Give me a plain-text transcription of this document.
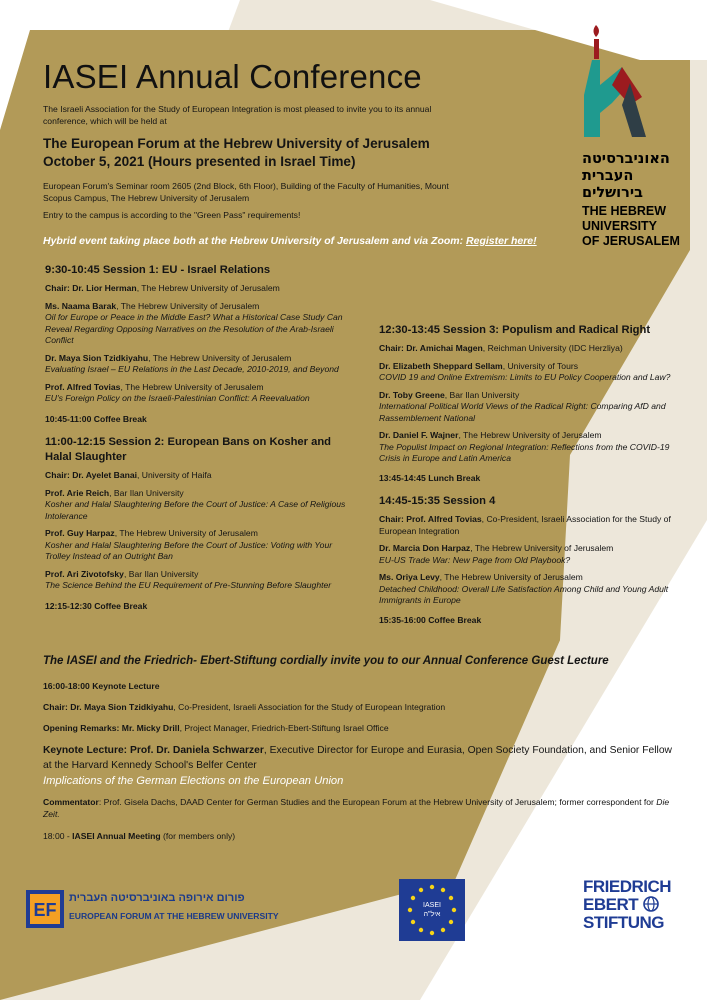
IASEI Annual Conference
The Israeli Association for the Study of European Integration is most pleased to invite you to its annual conference, which will be held at
The European Forum at the Hebrew University of Jerusalem
October 5, 2021 (Hours presented in Israel Time)
European Forum's Seminar room 2605 (2nd Block, 6th Floor), Building of the Faculty of Humanities, Mount Scopus Campus, The Hebrew University of Jerusalem
Entry to the campus is according to the "Green Pass" requirements!
Hybrid event taking place both at the Hebrew University of Jerusalem and via Zoom: Register here!
9:30-10:45 Session 1: EU - Israel Relations
Chair: Dr. Lior Herman, The Hebrew University of Jerusalem
Ms. Naama Barak, The Hebrew University of Jerusalem
Oil for Europe or Peace in the Middle East? What a Historical Case Study Can Reveal Regarding Opposing Narratives on the Resolution of the Arab-Israeli Conflict
Dr. Maya Sion Tzidkiyahu, The Hebrew University of Jerusalem
Evaluating Israel – EU Relations in the Last Decade, 2010-2019, and Beyond
Prof. Alfred Tovias, The Hebrew University of Jerusalem
EU's Foreign Policy on the Israeli-Palestinian Conflict: A Reevaluation
10:45-11:00 Coffee Break
11:00-12:15 Session 2: European Bans on Kosher and Halal Slaughter
Chair: Dr. Ayelet Banai, University of Haifa
Prof. Arie Reich, Bar Ilan University
Kosher and Halal Slaughtering Before the Court of Justice: A Case of Religious Intolerance
Prof. Guy Harpaz, The Hebrew University of Jerusalem
Kosher and Halal Slaughtering Before the Court of Justice: Voting with Your Trolley Instead of an Outright Ban
Prof. Ari Zivotofsky, Bar Ilan University
The Science Behind the EU Requirement of Pre-Stunning Before Slaughter
12:15-12:30 Coffee Break
12:30-13:45 Session 3: Populism and Radical Right
Chair: Dr. Amichai Magen, Reichman University (IDC Herzliya)
Dr. Elizabeth Sheppard Sellam, University of Tours
COVID 19 and Online Extremism: Limits to EU Policy Cooperation and Law?
Dr. Toby Greene, Bar Ilan University
International Political World Views of the Radical Right: Comparing AfD and Rassemblement National
Dr. Daniel F. Wajner, The Hebrew University of Jerusalem
The Populist Impact on Regional Integration: Reflections from the COVID-19 Crisis in Europe and Latin America
13:45-14:45 Lunch Break
14:45-15:35 Session 4
Chair: Prof. Alfred Tovias, Co-President, Israeli Association for the Study of European Integration
Dr. Marcia Don Harpaz, The Hebrew University of Jerusalem
EU-US Trade War: New Page from Old Playbook?
Ms. Oriya Levy, The Hebrew University of Jerusalem
Detached Childhood: Overall Life Satisfaction Among Child and Young Adult Immigrants in Europe
15:35-16:00 Coffee Break
The IASEI and the Friedrich- Ebert-Stiftung cordially invite you to our Annual Conference Guest Lecture
16:00-18:00 Keynote Lecture
Chair: Dr. Maya Sion Tzidkiyahu, Co-President, Israeli Association for the Study of European Integration
Opening Remarks: Mr. Micky Drill, Project Manager, Friedrich-Ebert-Stiftung Israel Office
Keynote Lecture: Prof. Dr. Daniela Schwarzer, Executive Director for Europe and Eurasia, Open Society Foundation, and Senior Fellow at the Harvard Kennedy School's Belfer Center
Implications of the German Elections on the European Union
Commentator: Prof. Gisela Dachs, DAAD Center for German Studies and the European Forum at the Hebrew University of Jerusalem; former correspondent for Die Zeit.
18:00 - IASEI Annual Meeting (for members only)
האוניברסיטה
העברית
בירושלים
THE HEBREW
UNIVERSITY
OF JERUSALEM
EF
פורום אירופה באוניברסיטה העברית
EUROPEAN FORUM AT THE HEBREW UNIVERSITY
IASEI
איל"ה
FRIEDRICH
EBERT
STIFTUNG
